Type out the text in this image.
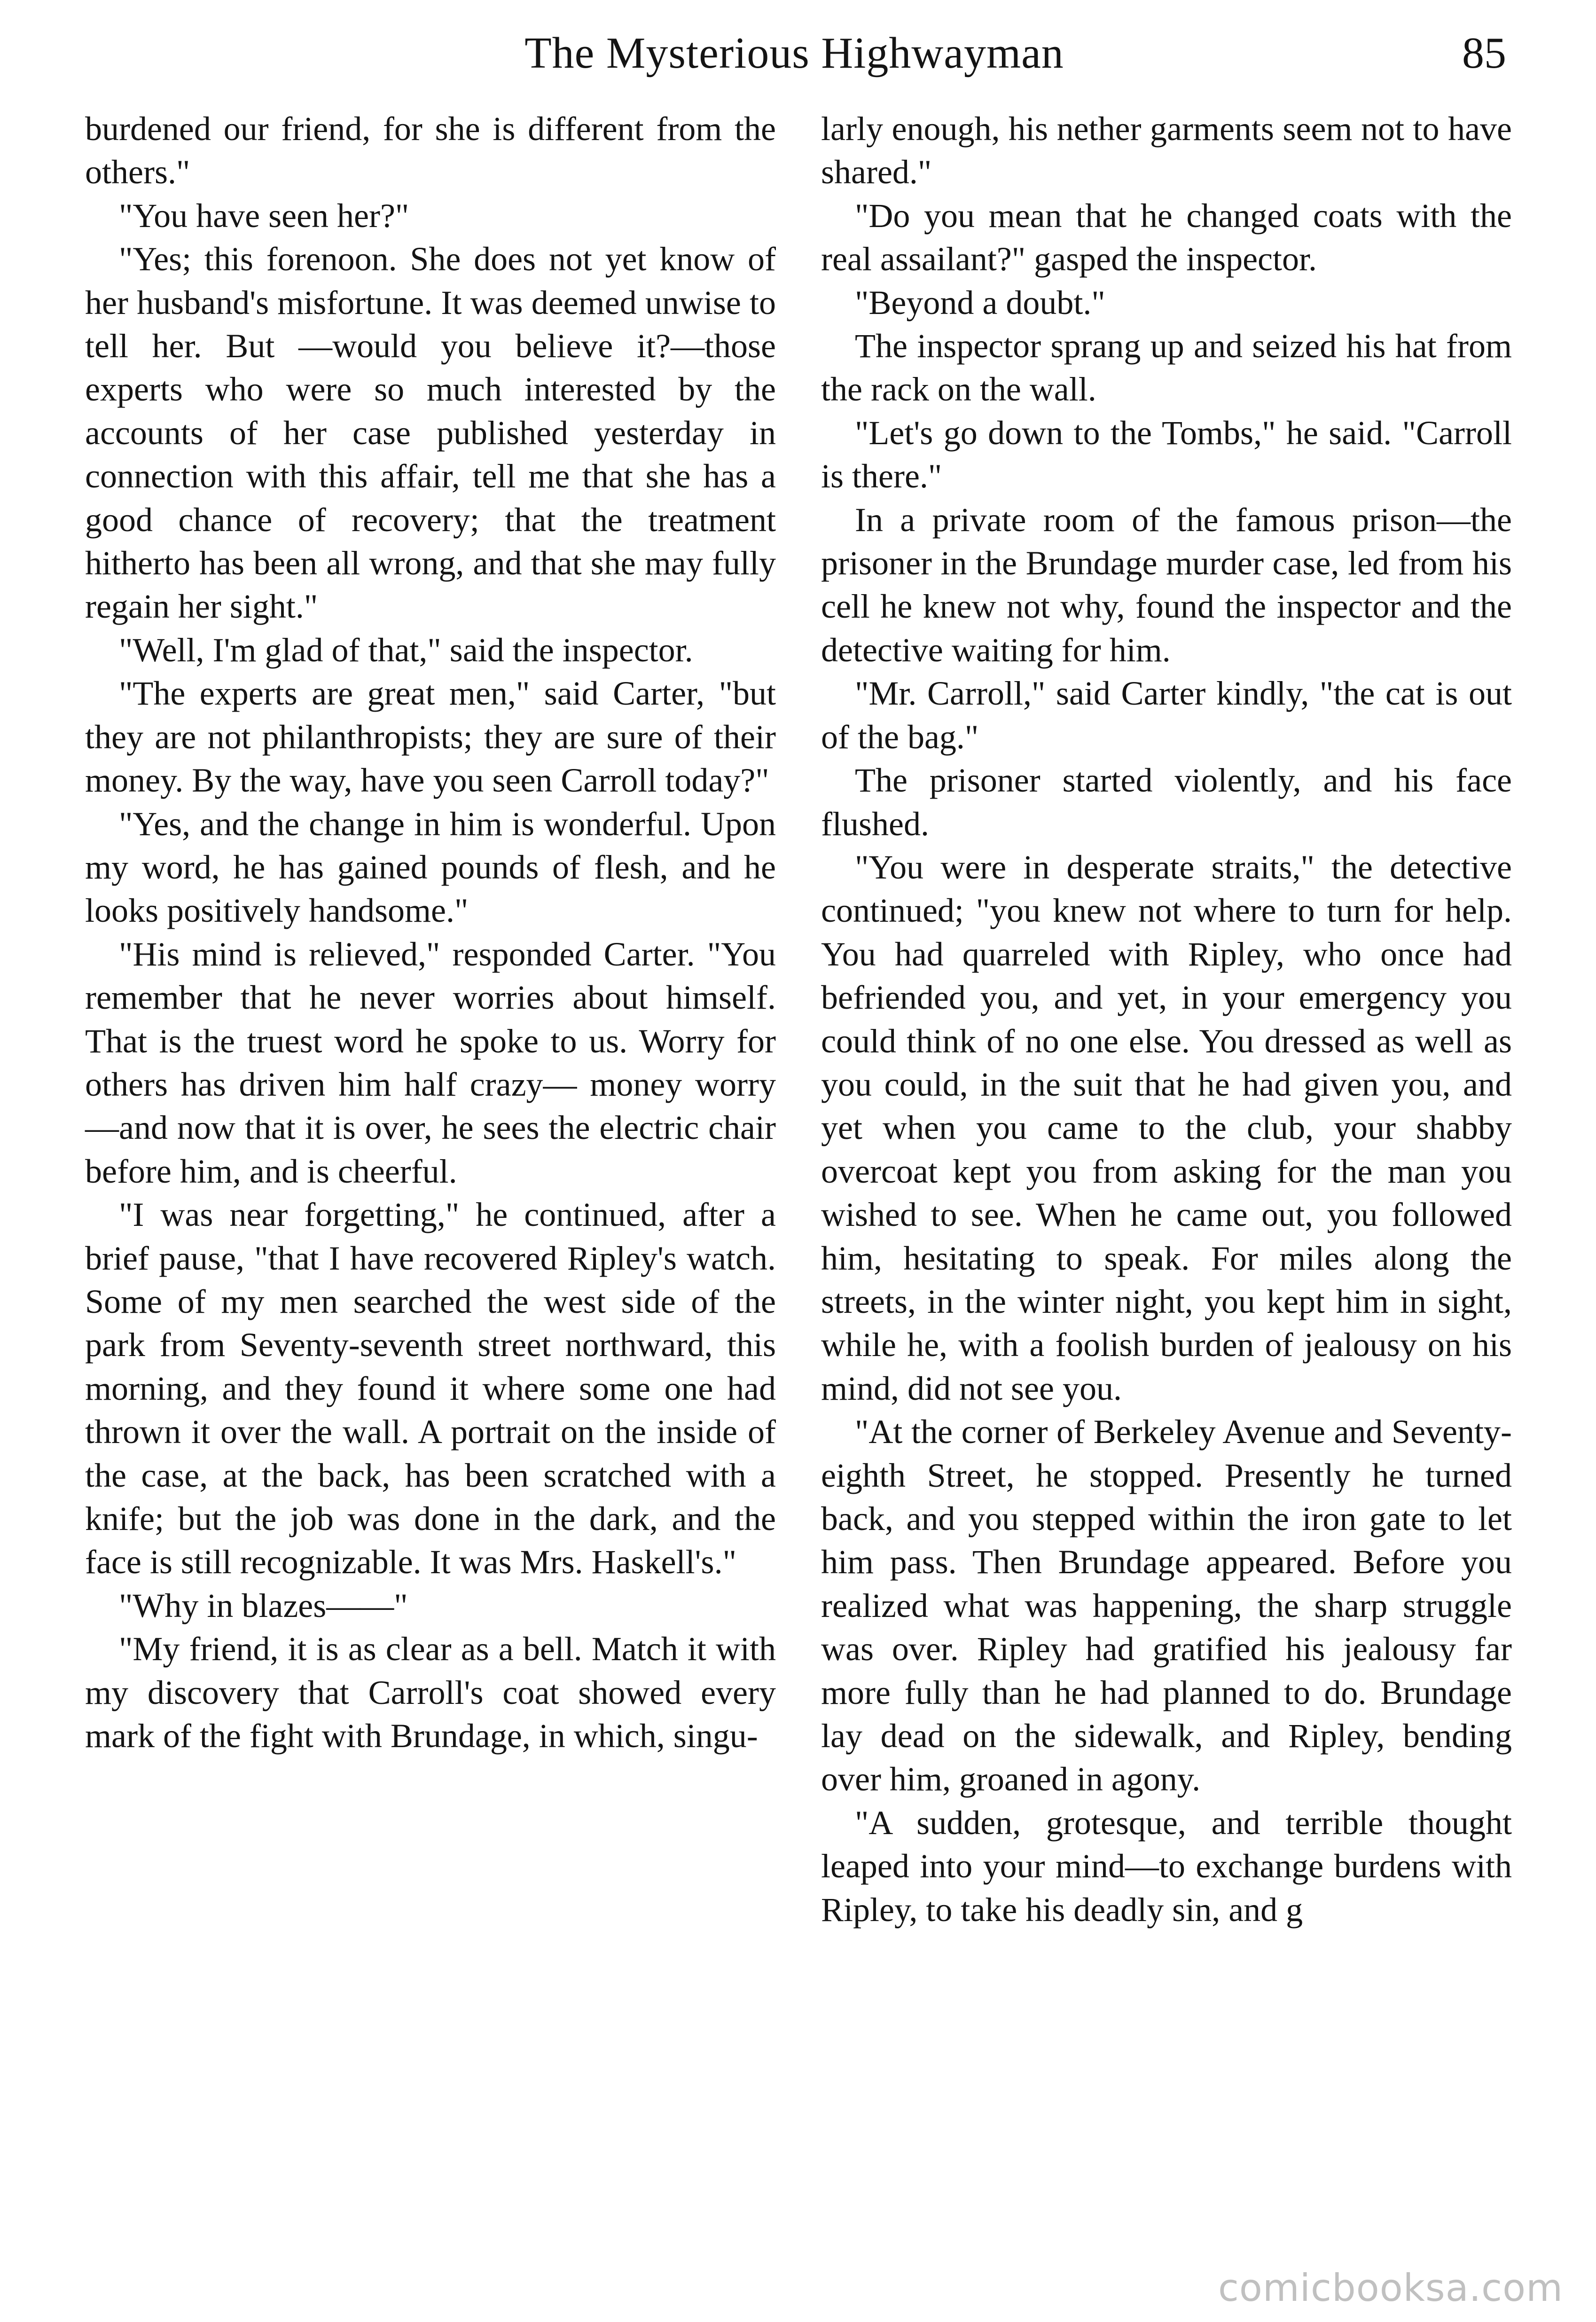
The Mysterious Highwayman	85

burdened our friend, for she is different from the others."

"You have seen her?"

"Yes; this forenoon. She does not yet know of her husband's misfortune. It was deemed unwise to tell her. But —would you believe it?—those experts who were so much interested by the accounts of her case published yesterday in connection with this affair, tell me that she has a good chance of recovery; that the treatment hitherto has been all wrong, and that she may fully regain her sight."

"Well, I'm glad of that," said the inspector.

"The experts are great men," said Carter, "but they are not philanthropists; they are sure of their money. By the way, have you seen Carroll today?"

"Yes, and the change in him is wonderful. Upon my word, he has gained pounds of flesh, and he looks positively handsome."

"His mind is relieved," responded Carter. "You remember that he never worries about himself. That is the truest word he spoke to us. Worry for others has driven him half crazy— money worry—and now that it is over, he sees the electric chair before him, and is cheerful.

"I was near forgetting," he continued, after a brief pause, "that I have recovered Ripley's watch. Some of my men searched the west side of the park from Seventy-seventh street northward, this morning, and they found it where some one had thrown it over the wall. A portrait on the inside of the case, at the back, has been scratched with a knife; but the job was done in the dark, and the face is still recognizable. It was Mrs. Haskell's."

"Why in blazes——"

"My friend, it is as clear as a bell. Match it with my discovery that Carroll's coat showed every mark of the fight with Brundage, in which, singu-

larly enough, his nether garments seem not to have shared."

"Do you mean that he changed coats with the real assailant?" gasped the inspector.

"Beyond a doubt."

The inspector sprang up and seized his hat from the rack on the wall.

"Let's go down to the Tombs," he said. "Carroll is there."

In a private room of the famous prison—the prisoner in the Brundage murder case, led from his cell he knew not why, found the inspector and the detective waiting for him.

"Mr. Carroll," said Carter kindly, "the cat is out of the bag."

The prisoner started violently, and his face flushed.

"You were in desperate straits," the detective continued; "you knew not where to turn for help. You had quarreled with Ripley, who once had befriended you, and yet, in your emergency you could think of no one else. You dressed as well as you could, in the suit that he had given you, and yet when you came to the club, your shabby overcoat kept you from asking for the man you wished to see. When he came out, you followed him, hesitating to speak. For miles along the streets, in the winter night, you kept him in sight, while he, with a foolish burden of jealousy on his mind, did not see you.

"At the corner of Berkeley Avenue and Seventy-eighth Street, he stopped. Presently he turned back, and you stepped within the iron gate to let him pass. Then Brundage appeared. Before you realized what was happening, the sharp struggle was over. Ripley had gratified his jealousy far more fully than he had planned to do. Brundage lay dead on the sidewalk, and Ripley, bending over him, groaned in agony.

"A sudden, grotesque, and terrible thought leaped into your mind—to exchange burdens with Ripley, to take his deadly sin, and g

comicbooksa.com
